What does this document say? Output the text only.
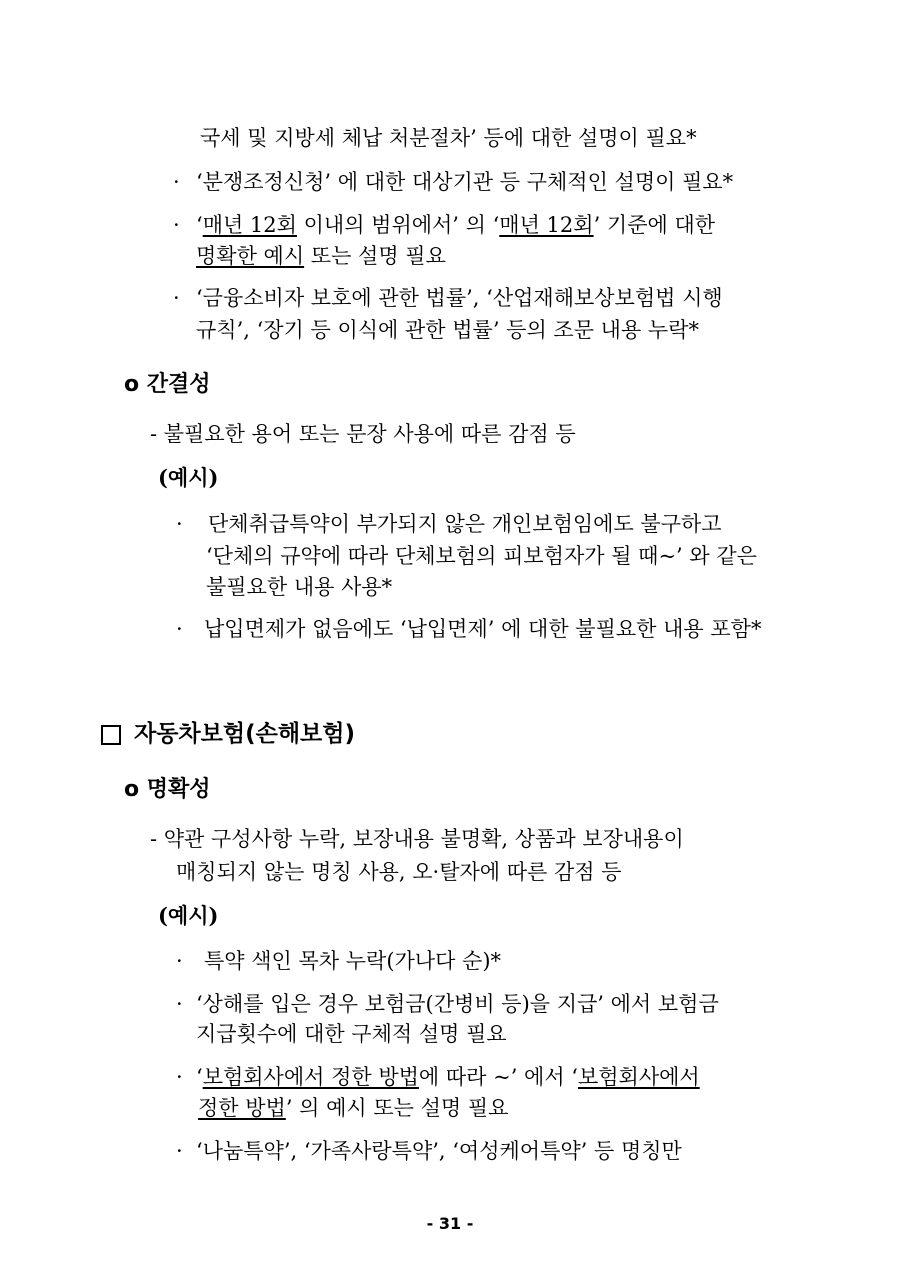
국세 및 지방세 체납 처분절차’ 등에 대한 설명이 필요*
· ‘분쟁조정신청’ 에 대한 대상기관 등 구체적인 설명이 필요*
· ‘매년 12회 이내의 범위에서’ 의 ‘매년 12회’ 기준에 대한
명확한 예시 또는 설명 필요
· ‘금융소비자 보호에 관한 법률’, ‘산업재해보상보험법 시행
규칙’, ‘장기 등 이식에 관한 법률’ 등의 조문 내용 누락*
o 간결성
- 불필요한 용어 또는 문장 사용에 따른 감점 등
(예시)
· 단체취급특약이 부가되지 않은 개인보험임에도 불구하고
‘단체의 규약에 따라 단체보험의 피보험자가 될 때~’ 와 같은
불필요한 내용 사용*
· 납입면제가 없음에도 ‘납입면제’ 에 대한 불필요한 내용 포함*
자동차보험(손해보험)
o 명확성
- 약관 구성사항 누락, 보장내용 불명확, 상품과 보장내용이
매칭되지 않는 명칭 사용, 오·탈자에 따른 감점 등
(예시)
· 특약 색인 목차 누락(가나다 순)*
· ‘상해를 입은 경우 보험금(간병비 등)을 지급’ 에서 보험금
지급횟수에 대한 구체적 설명 필요
· ‘보험회사에서 정한 방법에 따라 ~’ 에서 ‘보험회사에서
정한 방법’ 의 예시 또는 설명 필요
· ‘나눔특약’, ‘가족사랑특약’, ‘여성케어특약’ 등 명칭만
- 31 -
